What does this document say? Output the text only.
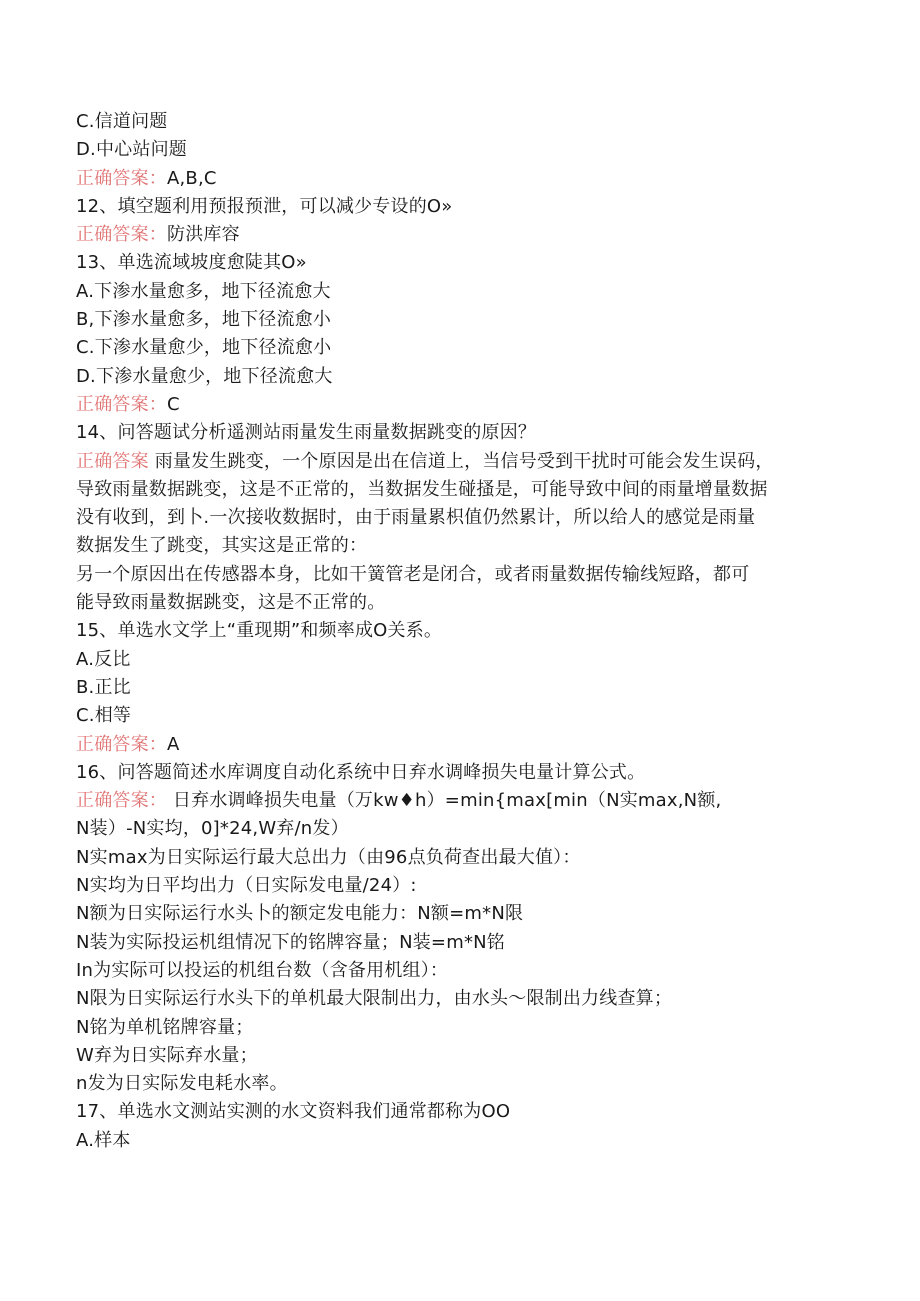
C.信道问题
D.中心站问题
正确答案：A,B,C
12、填空题利用预报预泄，可以减少专设的O»
正确答案：防洪库容
13、单选流域坡度愈陡其O»
A.下渗水量愈多，地下径流愈大
B,下渗水量愈多，地下径流愈小
C.下渗水量愈少，地下径流愈小
D.下渗水量愈少，地下径流愈大
正确答案：C
14、问答题试分析遥测站雨量发生雨量数据跳变的原因？
正确答案 雨量发生跳变，一个原因是出在信道上，当信号受到干扰时可能会发生误码，
导致雨量数据跳变，这是不正常的，当数据发生碰搔是，可能导致中间的雨量增量数据
没有收到，到卜.一次接收数据时，由于雨量累枳值仍然累计，所以给人的感觉是雨量
数据发生了跳变，其实这是正常的：
另一个原因出在传感器本身，比如干簧管老是闭合，或者雨量数据传输线短路，都可
能导致雨量数据跳变，这是不正常的。
15、单选水文学上“重现期”和频率成O关系。
A.反比
B.正比
C.相等
正确答案：A
16、问答题简述水库调度自动化系统中日弃水调峰损失电量计算公式。
正确答案： 日弃水调峰损失电量（万kw♦h）=min{max[min（N实max,N额,
N装）-N实均，0]*24,W弃/n发）
N实max为日实际运行最大总出力（由96点负荷查出最大值）：
N实均为日平均出力（日实际发电量/24）:
N额为日实际运行水头卜的额定发电能力：N额=m*N限
N装为实际投运机组情况下的铭牌容量；N装=m*N铭
In为实际可以投运的机组台数（含备用机组）：
N限为日实际运行水头下的单机最大限制出力，由水头〜限制出力线查算；
N铭为单机铭牌容量；
W弃为日实际弃水量；
n发为日实际发电耗水率。
17、单选水文测站实测的水文资料我们通常都称为OO
A.样本
